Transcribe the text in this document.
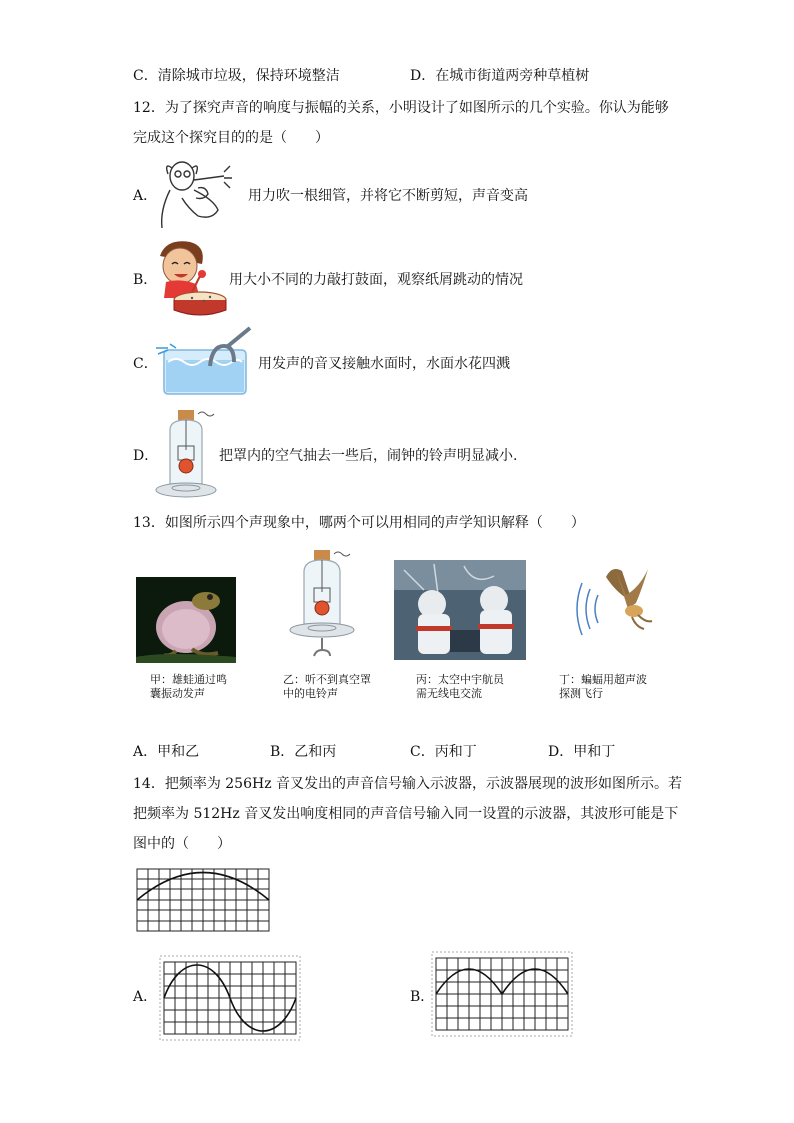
C．清除城市垃圾，保持环境整洁	D．在城市街道两旁种草植树
12．为了探究声音的响度与振幅的关系，小明设计了如图所示的几个实验。你认为能够
完成这个探究目的的是（　　）
A．	用力吹一根细管，并将它不断剪短，声音变高
B．	用大小不同的力敲打鼓面，观察纸屑跳动的情况
C．	用发声的音叉接触水面时，水面水花四溅
D．	把罩内的空气抽去一些后，闹钟的铃声明显减小.
13．如图所示四个声现象中，哪两个可以用相同的声学知识解释（　　）
甲：雄蛙通过鸣
囊振动发声
乙：听不到真空罩
中的电铃声
丙：太空中宇航员
需无线电交流
丁：蝙蝠用超声波
探测飞行
A．甲和乙	B．乙和丙	C．丙和丁	D．甲和丁
14．把频率为 256Hz 音叉发出的声音信号输入示波器，示波器展现的波形如图所示。若
把频率为 512Hz 音叉发出响度相同的声音信号输入同一设置的示波器，其波形可能是下
图中的（　　）
A．	B．
